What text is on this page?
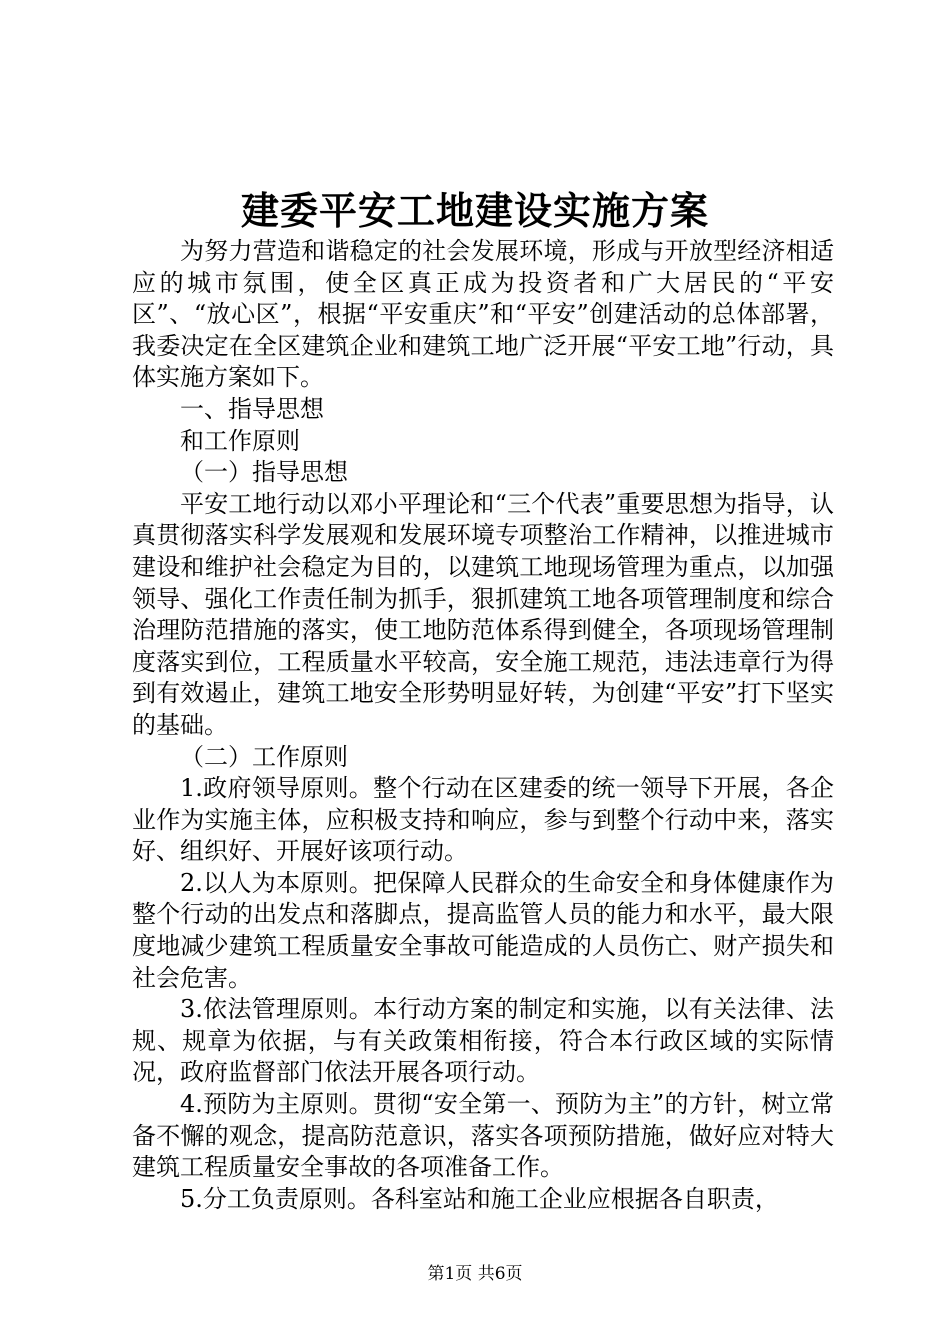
建委平安工地建设实施方案

为努力营造和谐稳定的社会发展环境，形成与开放型经济相适应的城市氛围，使全区真正成为投资者和广大居民的“平安区”、“放心区”，根据“平安重庆”和“平安”创建活动的总体部署，我委决定在全区建筑企业和建筑工地广泛开展“平安工地”行动，具体实施方案如下。

一、指导思想

和工作原则

（一）指导思想

平安工地行动以邓小平理论和“三个代表”重要思想为指导，认真贯彻落实科学发展观和发展环境专项整治工作精神，以推进城市建设和维护社会稳定为目的，以建筑工地现场管理为重点，以加强领导、强化工作责任制为抓手，狠抓建筑工地各项管理制度和综合治理防范措施的落实，使工地防范体系得到健全，各项现场管理制度落实到位，工程质量水平较高，安全施工规范，违法违章行为得到有效遏止，建筑工地安全形势明显好转，为创建“平安”打下坚实的基础。

（二）工作原则

1.政府领导原则。整个行动在区建委的统一领导下开展，各企业作为实施主体，应积极支持和响应，参与到整个行动中来，落实好、组织好、开展好该项行动。

2.以人为本原则。把保障人民群众的生命安全和身体健康作为整个行动的出发点和落脚点，提高监管人员的能力和水平，最大限度地减少建筑工程质量安全事故可能造成的人员伤亡、财产损失和社会危害。

3.依法管理原则。本行动方案的制定和实施，以有关法律、法规、规章为依据，与有关政策相衔接，符合本行政区域的实际情况，政府监督部门依法开展各项行动。

4.预防为主原则。贯彻“安全第一、预防为主”的方针，树立常备不懈的观念，提高防范意识，落实各项预防措施，做好应对特大建筑工程质量安全事故的各项准备工作。

5.分工负责原则。各科室站和施工企业应根据各自职责，

第1页 共6页
